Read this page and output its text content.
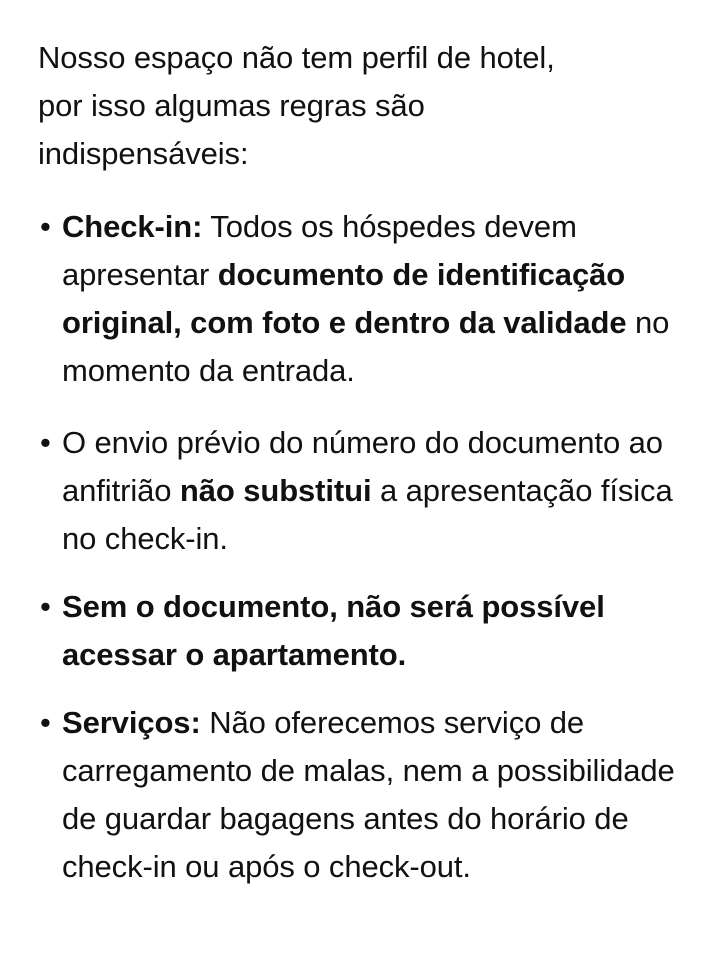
Nosso espaço não tem perfil de hotel,
por isso algumas regras são
indispensáveis:

• Check-in: Todos os hóspedes devem apresentar documento de identificação original, com foto e dentro da validade no momento da entrada.
• O envio prévio do número do documento ao anfitrião não substitui a apresentação física no check-in.
• Sem o documento, não será possível acessar o apartamento.
• Serviços: Não oferecemos serviço de carregamento de malas, nem a possibilidade de guardar bagagens antes do horário de check-in ou após o check-out.
